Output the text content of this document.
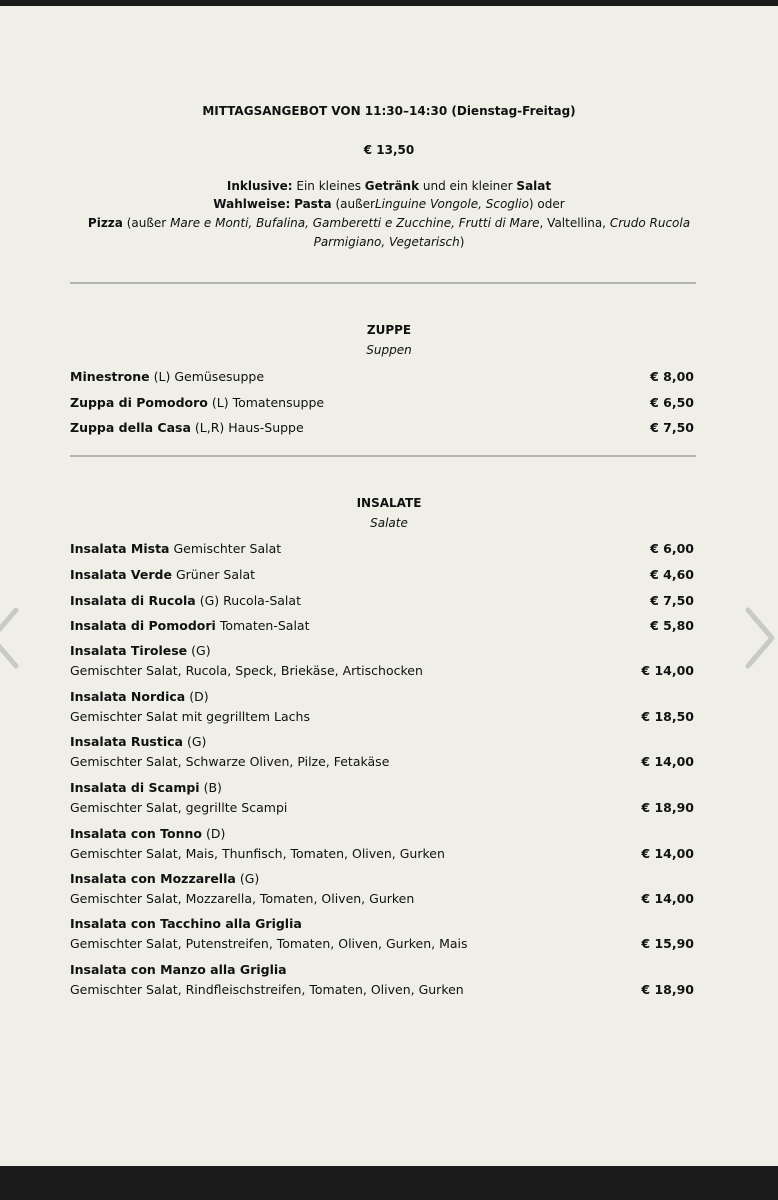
MITTAGSANGEBOT VON 11:30–14:30 (Dienstag-Freitag)
€ 13,50
Inklusive: Ein kleines Getränk und ein kleiner Salat
Wahlweise: Pasta (außerLinguine Vongole, Scoglio) oder
Pizza (außer Mare e Monti, Bufalina, Gamberetti e Zucchine, Frutti di Mare, Valtellina, Crudo Rucola
Parmigiano, Vegetarisch)
ZUPPE
Suppen
Minestrone (L) Gemüsesuppe	€ 8,00
Zuppa di Pomodoro (L) Tomatensuppe	€ 6,50
Zuppa della Casa (L,R) Haus-Suppe	€ 7,50
INSALATE
Salate
Insalata Mista Gemischter Salat	€ 6,00
Insalata Verde Grüner Salat	€ 4,60
Insalata di Rucola (G) Rucola-Salat	€ 7,50
Insalata di Pomodori Tomaten-Salat	€ 5,80
Insalata Tirolese (G)
Gemischter Salat, Rucola, Speck, Briekäse, Artischocken	€ 14,00
Insalata Nordica (D)
Gemischter Salat mit gegrilltem Lachs	€ 18,50
Insalata Rustica (G)
Gemischter Salat, Schwarze Oliven, Pilze, Fetakäse	€ 14,00
Insalata di Scampi (B)
Gemischter Salat, gegrillte Scampi	€ 18,90
Insalata con Tonno (D)
Gemischter Salat, Mais, Thunfisch, Tomaten, Oliven, Gurken	€ 14,00
Insalata con Mozzarella (G)
Gemischter Salat, Mozzarella, Tomaten, Oliven, Gurken	€ 14,00
Insalata con Tacchino alla Griglia
Gemischter Salat, Putenstreifen, Tomaten, Oliven, Gurken, Mais	€ 15,90
Insalata con Manzo alla Griglia
Gemischter Salat, Rindfleischstreifen, Tomaten, Oliven, Gurken	€ 18,90
